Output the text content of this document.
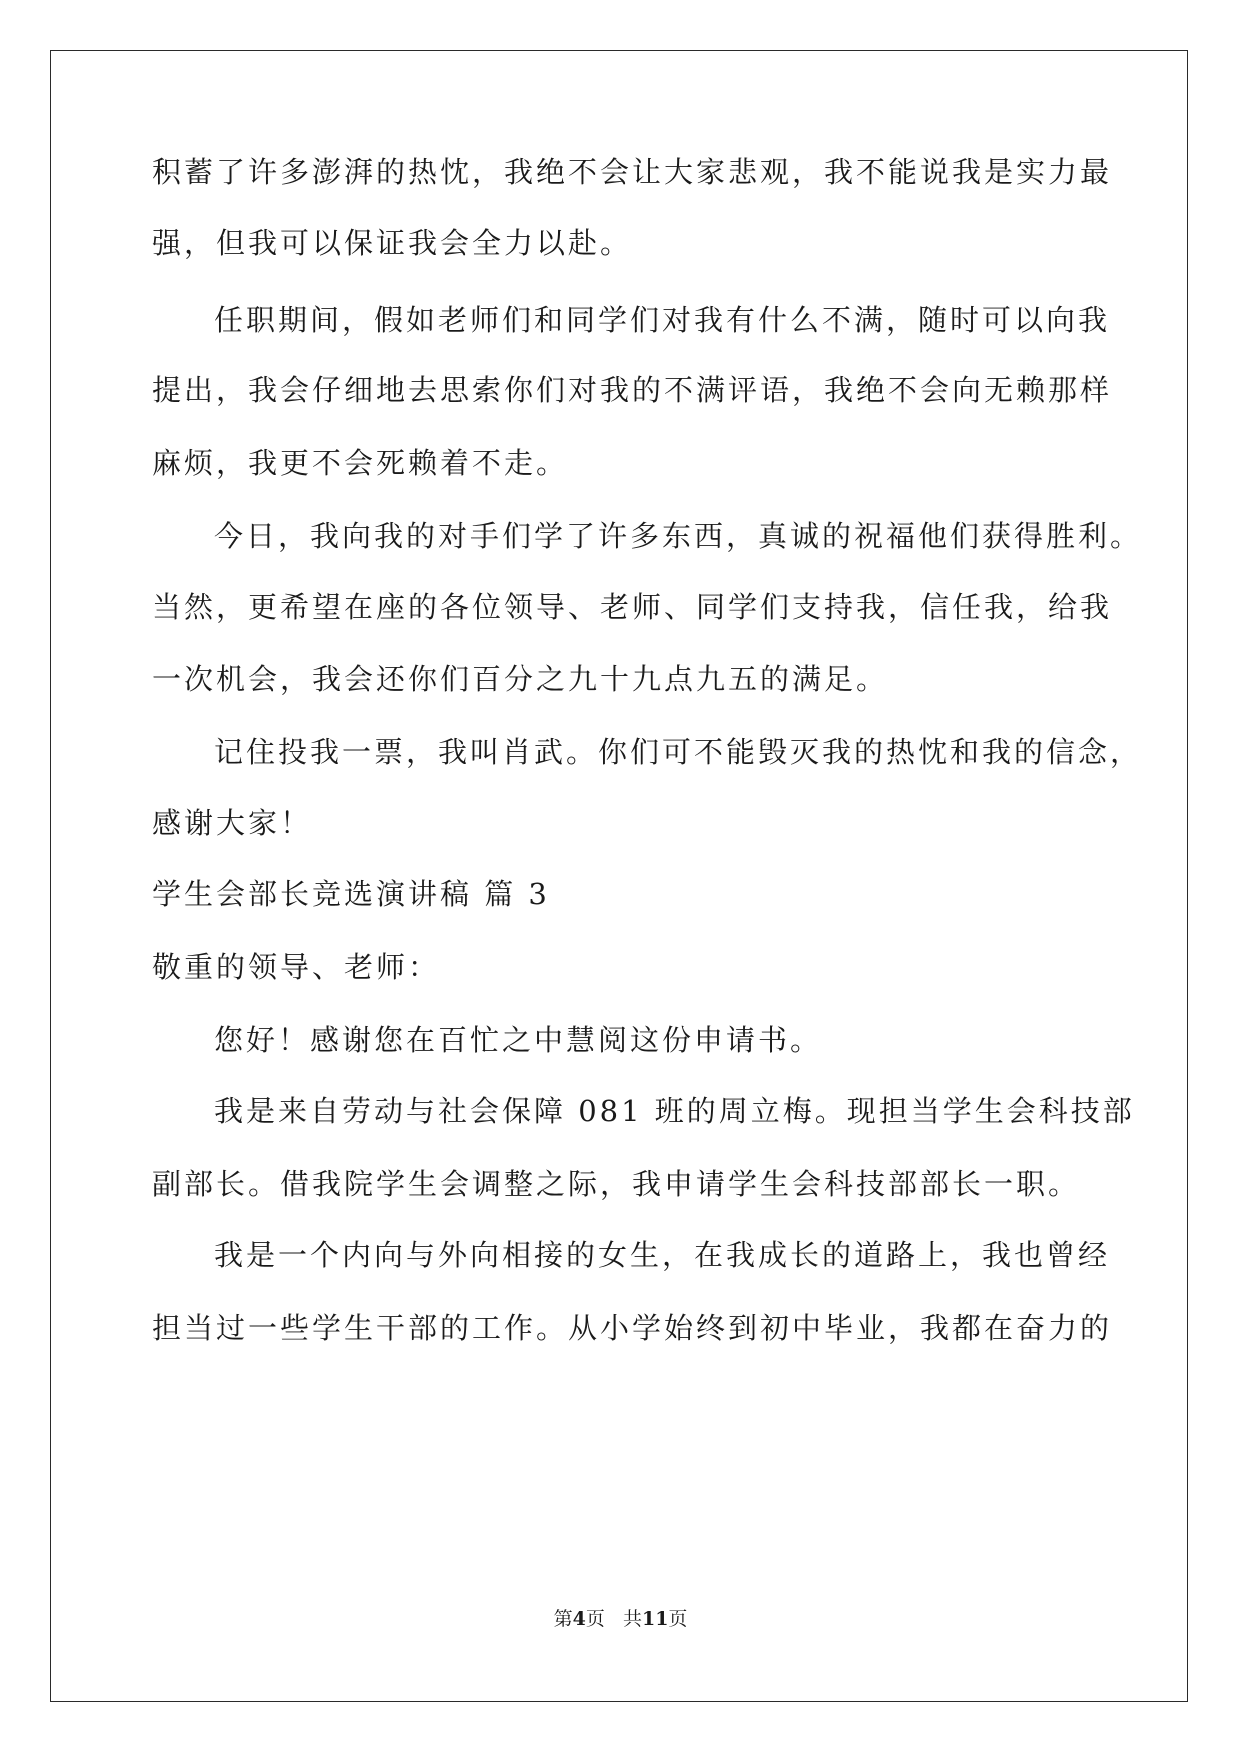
积蓄了许多澎湃的热忱，我绝不会让大家悲观，我不能说我是实力最
强，但我可以保证我会全力以赴。
任职期间，假如老师们和同学们对我有什么不满，随时可以向我
提出，我会仔细地去思索你们对我的不满评语，我绝不会向无赖那样
麻烦，我更不会死赖着不走。
今日，我向我的对手们学了许多东西，真诚的祝福他们获得胜利。
当然，更希望在座的各位领导、老师、同学们支持我，信任我，给我
一次机会，我会还你们百分之九十九点九五的满足。
记住投我一票，我叫肖武。你们可不能毁灭我的热忱和我的信念，
感谢大家！
学生会部长竞选演讲稿 篇 3
敬重的领导、老师：
您好！感谢您在百忙之中慧阅这份申请书。
我是来自劳动与社会保障 081 班的周立梅。现担当学生会科技部
副部长。借我院学生会调整之际，我申请学生会科技部部长一职。
我是一个内向与外向相接的女生，在我成长的道路上，我也曾经
担当过一些学生干部的工作。从小学始终到初中毕业，我都在奋力的
第4页 共11页
